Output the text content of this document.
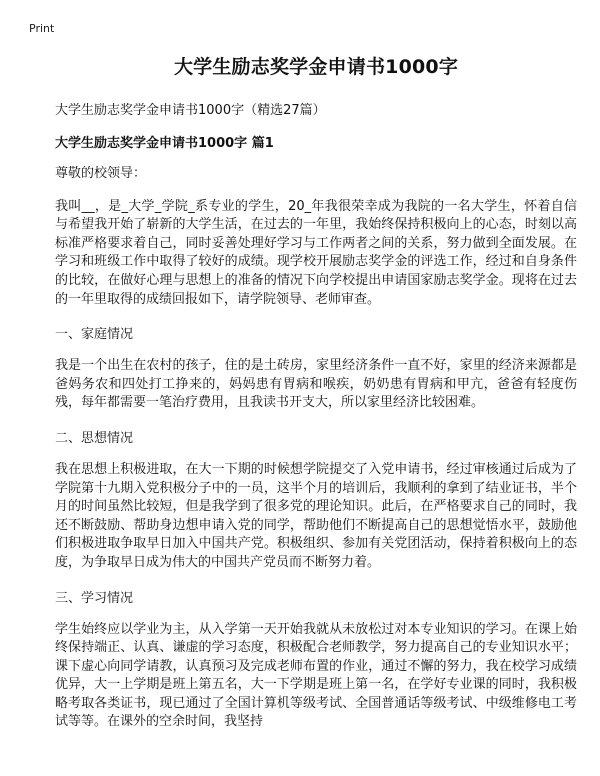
Print
大学生励志奖学金申请书1000字
大学生励志奖学金申请书1000字（精选27篇）
大学生励志奖学金申请书1000字 篇1
尊敬的校领导：
我叫__，是_大学_学院_系专业的学生，20_年我很荣幸成为我院的一名大学生，怀着自信与希望我开始了崭新的大学生活，在过去的一年里，我始终保持积极向上的心态，时刻以高标准严格要求着自己，同时妥善处理好学习与工作两者之间的关系，努力做到全面发展。在学习和班级工作中取得了较好的成绩。现学校开展励志奖学金的评选工作，经过和自身条件的比较，在做好心理与思想上的准备的情况下向学校提出申请国家励志奖学金。现将在过去的一年里取得的成绩回报如下，请学院领导、老师审查。
一、家庭情况
我是一个出生在农村的孩子，住的是土砖房，家里经济条件一直不好，家里的经济来源都是爸妈务农和四处打工挣来的，妈妈患有胃病和喉疾，奶奶患有胃病和甲亢，爸爸有轻度伤残，每年都需要一笔治疗费用，且我读书开支大，所以家里经济比较困难。
二、思想情况
我在思想上积极进取，在大一下期的时候想学院提交了入党申请书，经过审核通过后成为了学院第十九期入党积极分子中的一员，这半个月的培训后，我顺利的拿到了结业证书，半个月的时间虽然比较短，但是我学到了很多党的理论知识。此后，在严格要求自己的同时，我还不断鼓励、帮助身边想申请入党的同学，帮助他们不断提高自己的思想觉悟水平，鼓励他们积极进取争取早日加入中国共产党。积极组织、参加有关党团活动，保持着积极向上的态度，为争取早日成为伟大的中国共产党员而不断努力着。
三、学习情况
学生始终应以学业为主，从入学第一天开始我就从未放松过对本专业知识的学习。在课上始终保持端正、认真、谦虚的学习态度，积极配合老师教学，努力提高自己的专业知识水平；课下虚心向同学请教，认真预习及完成老师布置的作业，通过不懈的努力，我在校学习成绩优异，大一上学期是班上第五名，大一下学期是班上第一名，在学好专业课的同时，我积极略考取各类证书，现已通过了全国计算机等级考试、全国普通话等级考试、中级维修电工考试等等。在课外的空余时间，我坚持
